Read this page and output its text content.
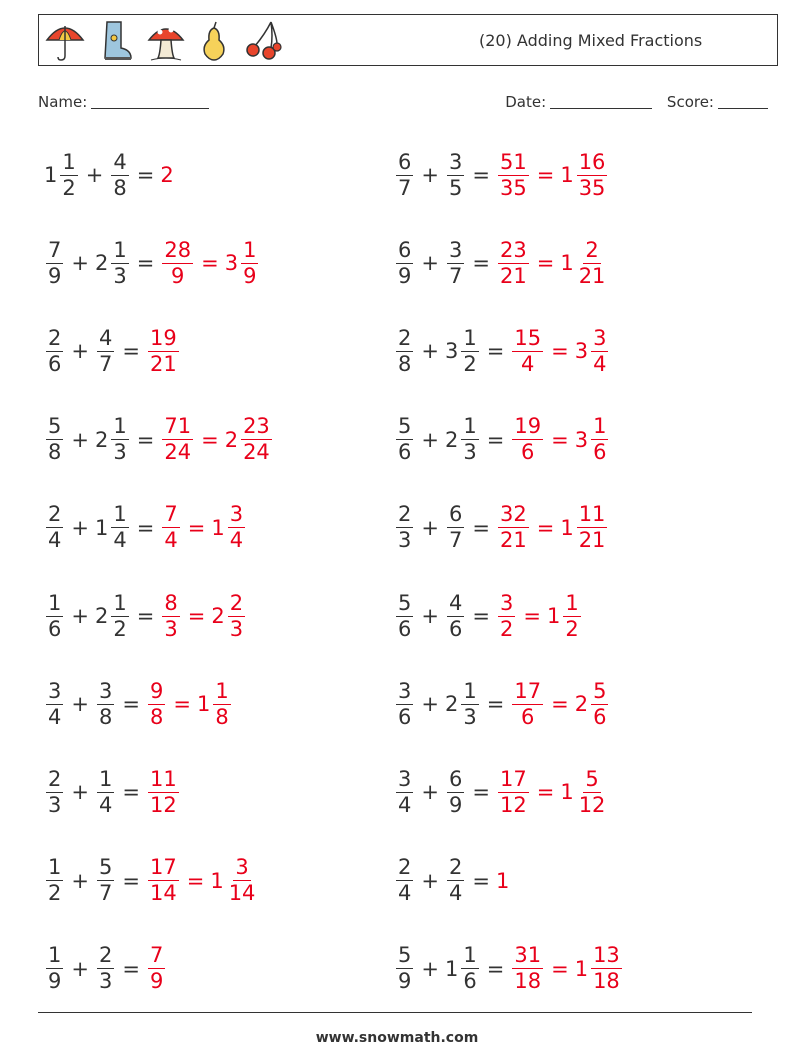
(20) Adding Mixed Fractions
Name:	Date:	Score:
$1 \frac{1}{2} + \frac{4}{8} = 2$	$\frac{6}{7} + \frac{3}{5} = \frac{51}{35} = 1 \frac{16}{35}$
$\frac{7}{9} + 2 \frac{1}{3} = \frac{28}{9} = 3 \frac{1}{9}$	$\frac{6}{9} + \frac{3}{7} = \frac{23}{21} = 1 \frac{2}{21}$
$\frac{2}{6} + \frac{4}{7} = \frac{19}{21}$	$\frac{2}{8} + 3 \frac{1}{2} = \frac{15}{4} = 3 \frac{3}{4}$
$\frac{5}{8} + 2 \frac{1}{3} = \frac{71}{24} = 2 \frac{23}{24}$	$\frac{5}{6} + 2 \frac{1}{3} = \frac{19}{6} = 3 \frac{1}{6}$
$\frac{2}{4} + 1 \frac{1}{4} = \frac{7}{4} = 1 \frac{3}{4}$	$\frac{2}{3} + \frac{6}{7} = \frac{32}{21} = 1 \frac{11}{21}$
$\frac{1}{6} + 2 \frac{1}{2} = \frac{8}{3} = 2 \frac{2}{3}$	$\frac{5}{6} + \frac{4}{6} = \frac{3}{2} = 1 \frac{1}{2}$
$\frac{3}{4} + \frac{3}{8} = \frac{9}{8} = 1 \frac{1}{8}$	$\frac{3}{6} + 2 \frac{1}{3} = \frac{17}{6} = 2 \frac{5}{6}$
$\frac{2}{3} + \frac{1}{4} = \frac{11}{12}$	$\frac{3}{4} + \frac{6}{9} = \frac{17}{12} = 1 \frac{5}{12}$
$\frac{1}{2} + \frac{5}{7} = \frac{17}{14} = 1 \frac{3}{14}$	$\frac{2}{4} + \frac{2}{4} = 1$
$\frac{1}{9} + \frac{2}{3} = \frac{7}{9}$	$\frac{5}{9} + 1 \frac{1}{6} = \frac{31}{18} = 1 \frac{13}{18}$
www.snowmath.com
